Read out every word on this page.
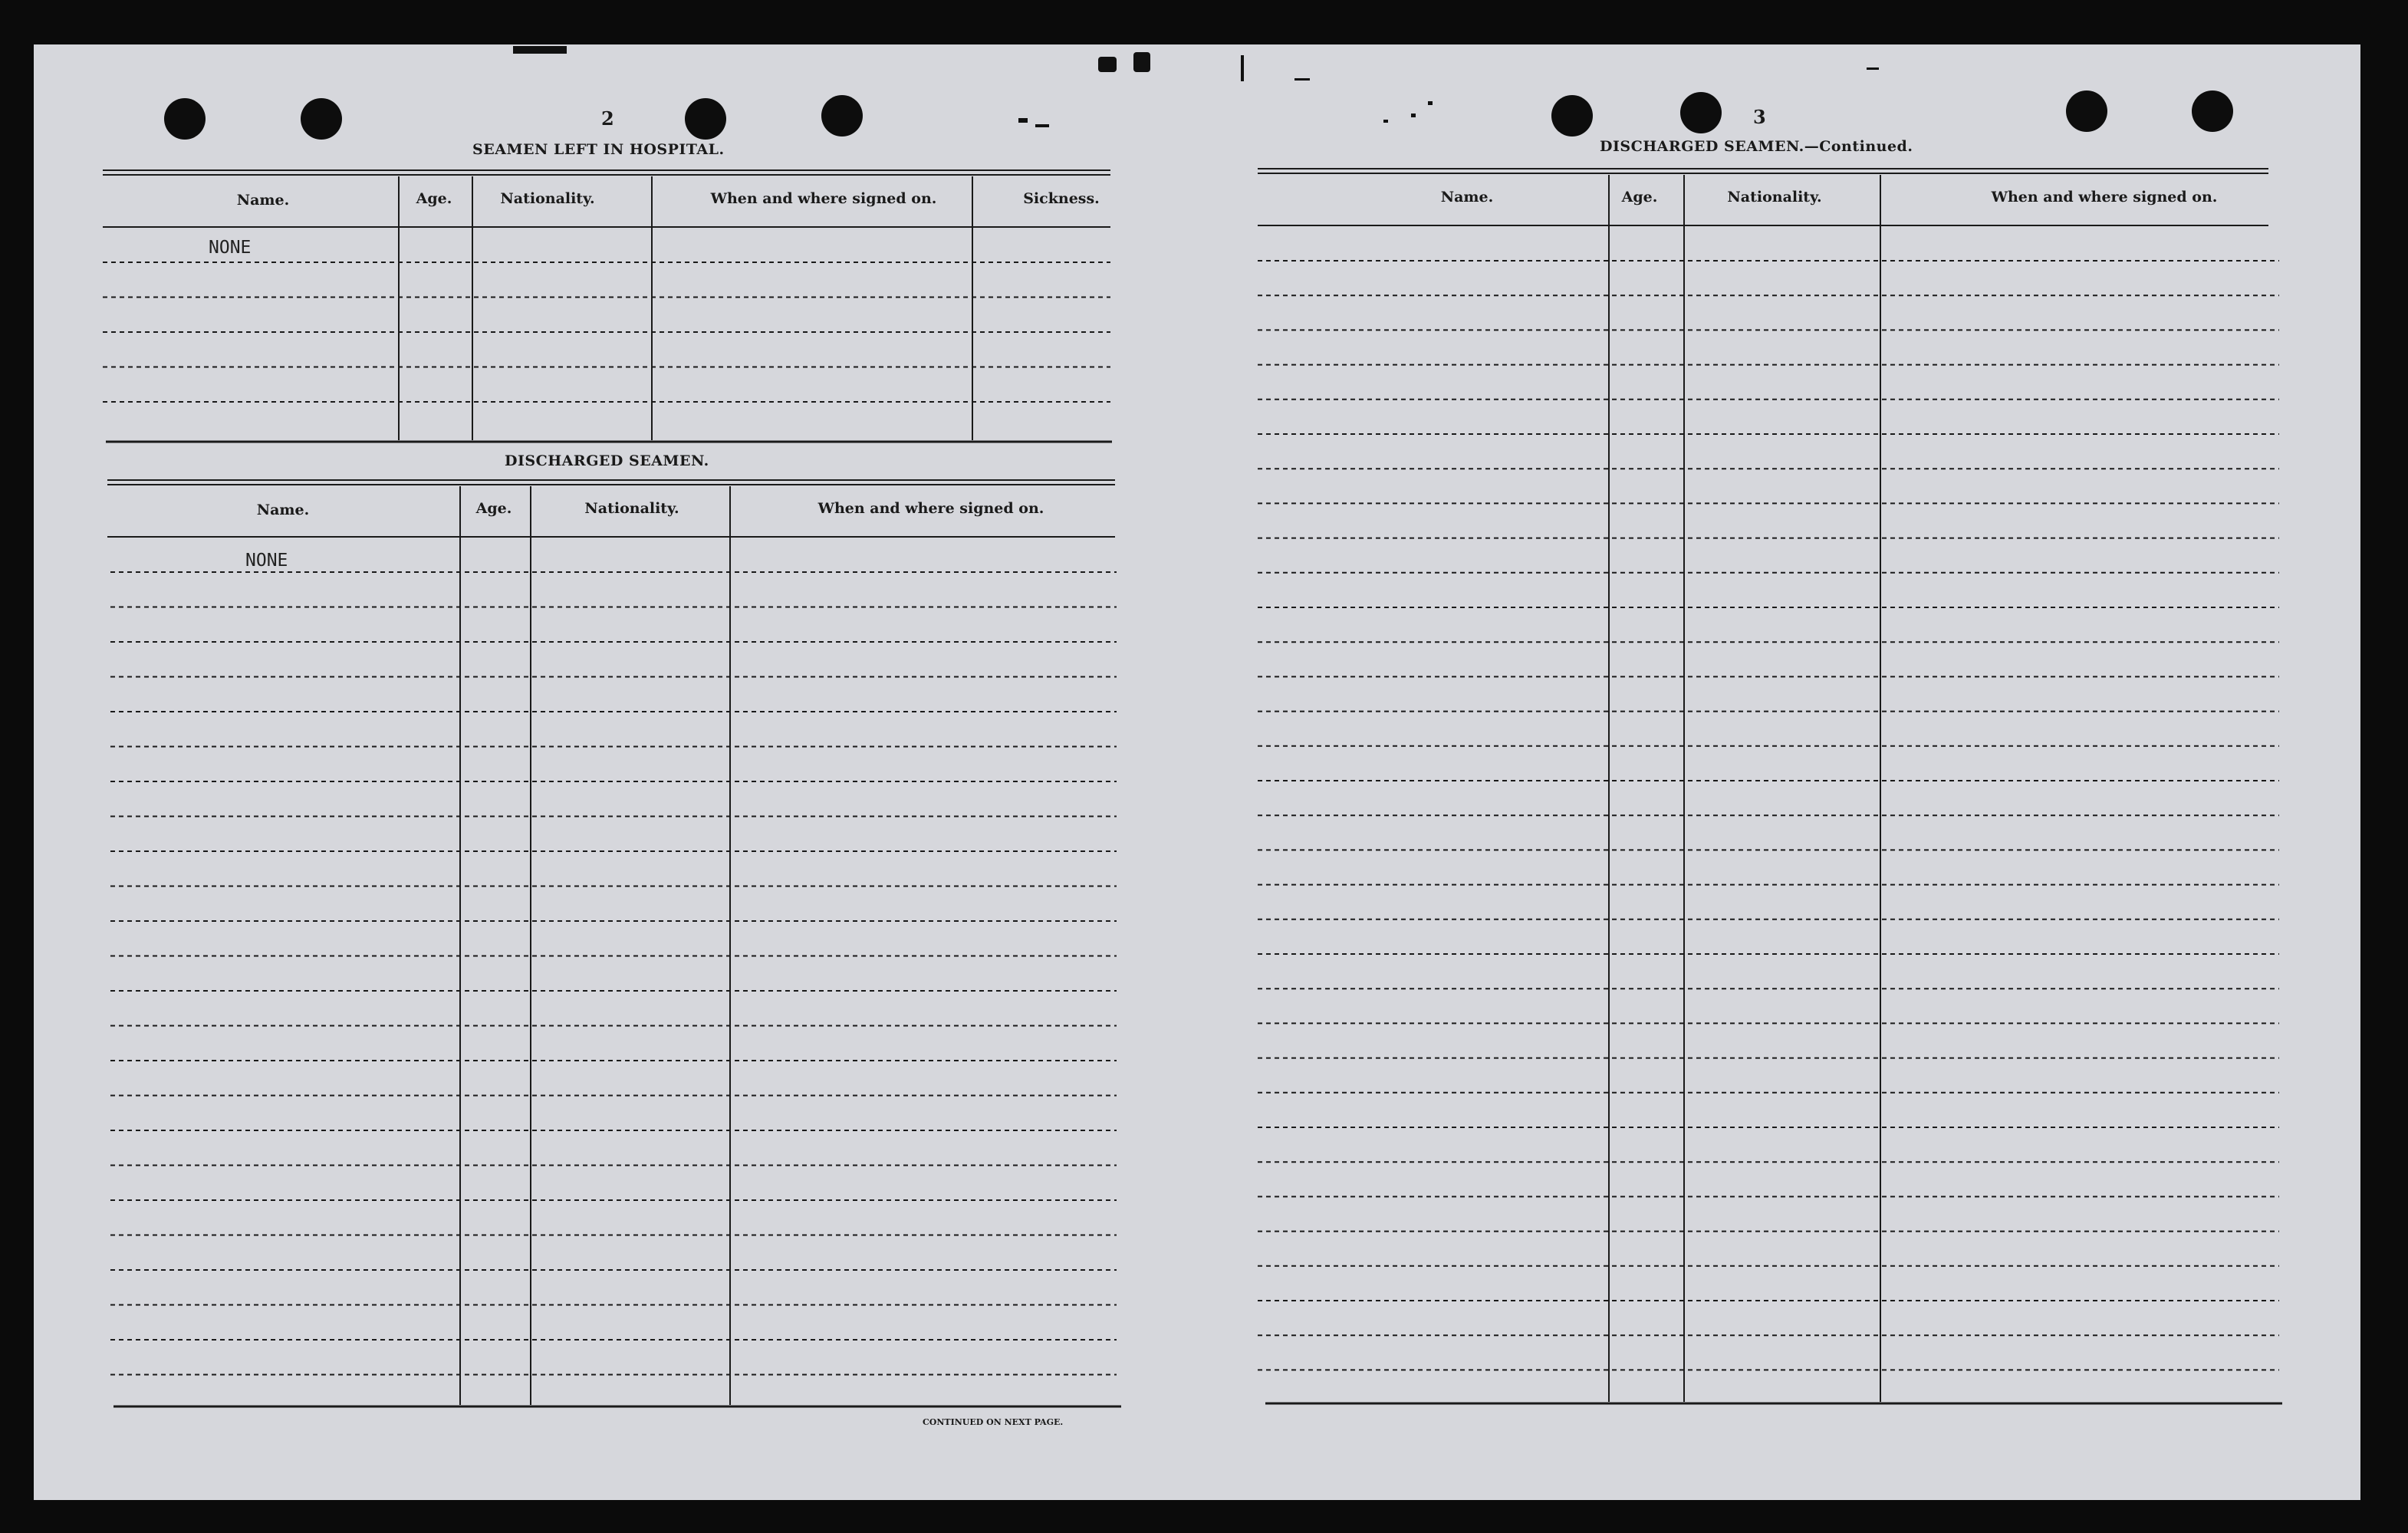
2
SEAMEN LEFT IN HOSPITAL.
3
DISCHARGED SEAMEN.—Continued.
DISCHARGED SEAMEN.
Name.	Age.	Nationality.	When and where signed on.	Sickness.
Name.	Age.	Nationality.	When and where signed on.
Name.	Age.	Nationality.	When and where signed on.
NONE
NONE
CONTINUED ON NEXT PAGE.
